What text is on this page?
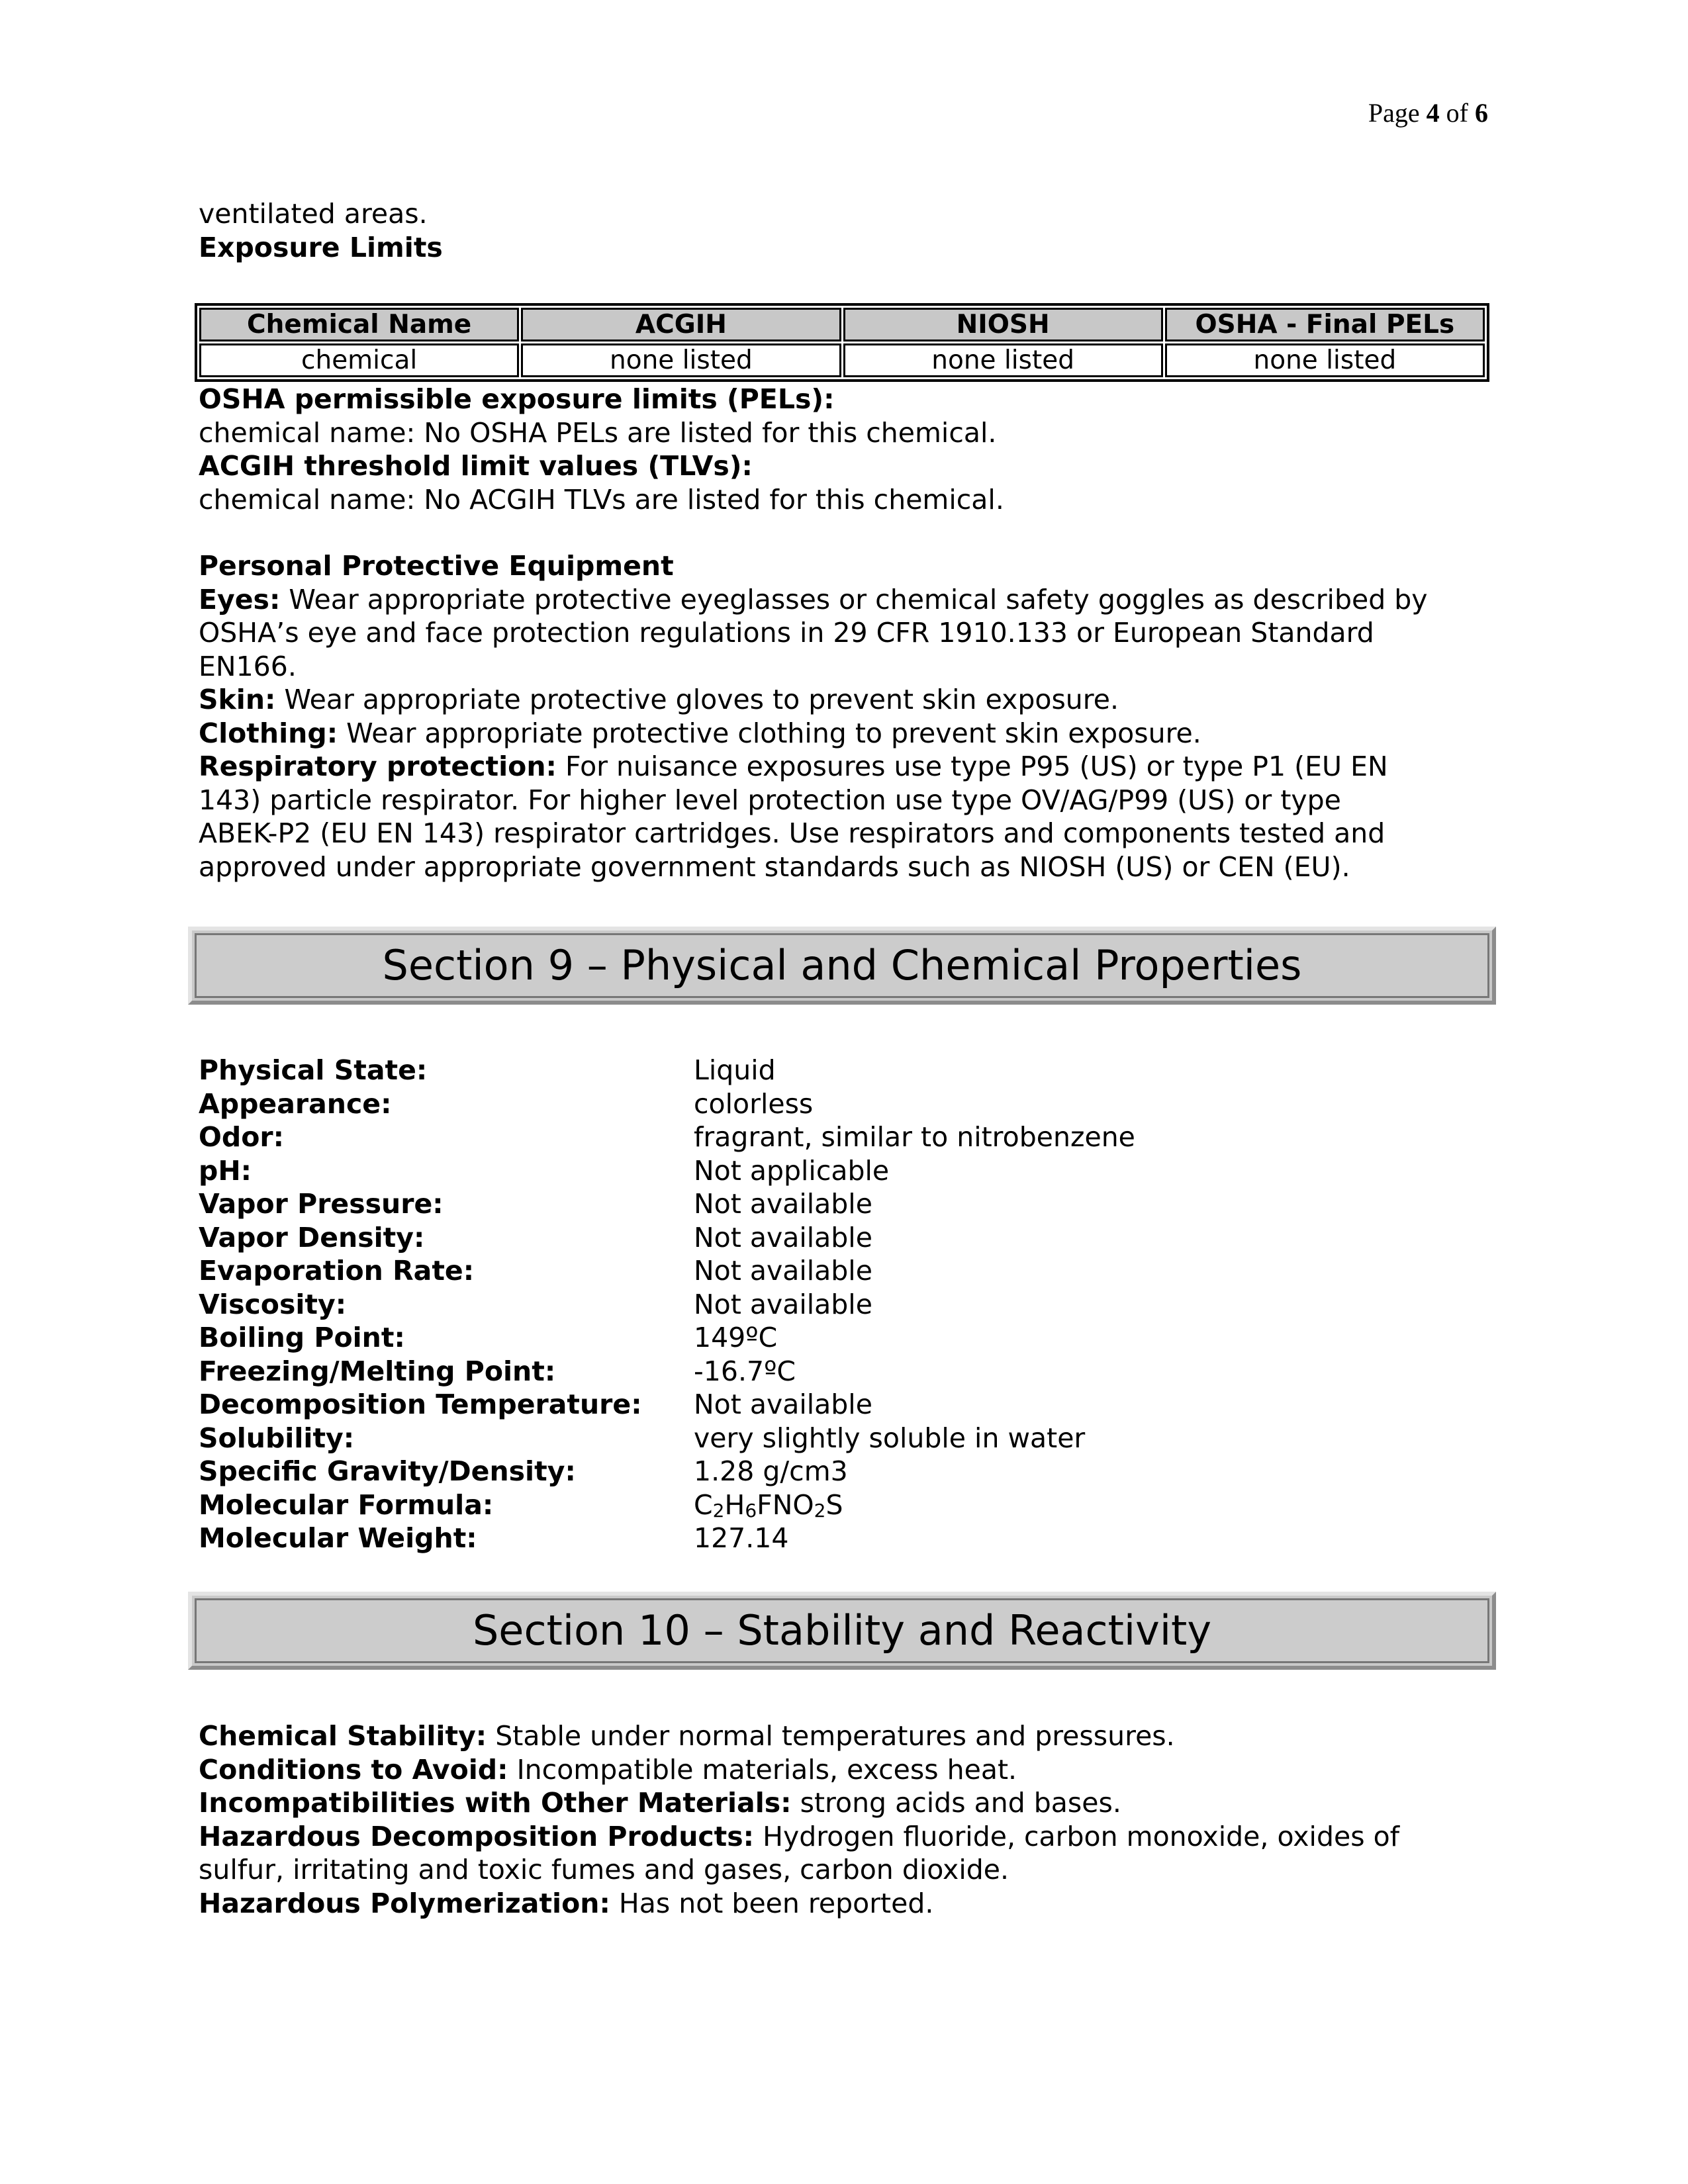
Page 4 of 6

ventilated areas.

Exposure Limits

Chemical Name	ACGIH	NIOSH	OSHA - Final PELs
chemical	none listed	none listed	none listed

OSHA permissible exposure limits (PELs):

chemical name: No OSHA PELs are listed for this chemical.

ACGIH threshold limit values (TLVs):

chemical name: No ACGIH TLVs are listed for this chemical.

Personal Protective Equipment

Eyes: Wear appropriate protective eyeglasses or chemical safety goggles as described by

OSHA’s eye and face protection regulations in 29 CFR 1910.133 or European Standard

EN166.

Skin: Wear appropriate protective gloves to prevent skin exposure.

Clothing: Wear appropriate protective clothing to prevent skin exposure.

Respiratory protection: For nuisance exposures use type P95 (US) or type P1 (EU EN

143) particle respirator. For higher level protection use type OV/AG/P99 (US) or type

ABEK-P2 (EU EN 143) respirator cartridges. Use respirators and components tested and

approved under appropriate government standards such as NIOSH (US) or CEN (EU).

Section 9 – Physical and Chemical Properties
Physical State:	Liquid
Appearance:	colorless
Odor:	fragrant, similar to nitrobenzene
pH:	Not applicable
Vapor Pressure:	Not available
Vapor Density:	Not available
Evaporation Rate:	Not available
Viscosity:	Not available
Boiling Point:	149ºC
Freezing/Melting Point:	-16.7ºC
Decomposition Temperature: Not available
Solubility:	very slightly soluble in water
Specific Gravity/Density:	1.28 g/cm3
Molecular Formula:	$C_2H_6FNO_2S$
Molecular Weight:	127.14
Section 10 – Stability and Reactivity

Chemical Stability: Stable under normal temperatures and pressures.

Conditions to Avoid: Incompatible materials, excess heat.

Incompatibilities with Other Materials: strong acids and bases.

Hazardous Decomposition Products: Hydrogen fluoride, carbon monoxide, oxides of

sulfur, irritating and toxic fumes and gases, carbon dioxide.

Hazardous Polymerization: Has not been reported.
